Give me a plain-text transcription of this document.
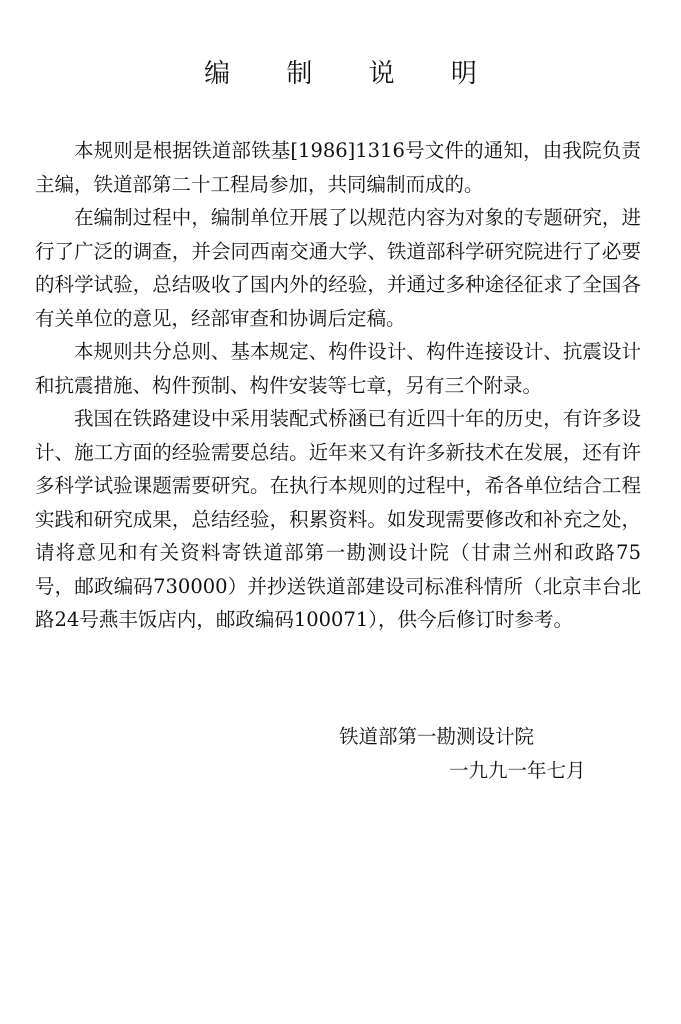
编 制 说 明

本规则是根据铁道部铁基[1986]1316号文件的通知，由我院负责主编，铁道部第二十工程局参加，共同编制而成的。

在编制过程中，编制单位开展了以规范内容为对象的专题研究，进行了广泛的调查，并会同西南交通大学、铁道部科学研究院进行了必要的科学试验，总结吸收了国内外的经验，并通过多种途径征求了全国各有关单位的意见，经部审查和协调后定稿。

本规则共分总则、基本规定、构件设计、构件连接设计、抗震设计和抗震措施、构件预制、构件安装等七章，另有三个附录。

我国在铁路建设中采用装配式桥涵已有近四十年的历史，有许多设计、施工方面的经验需要总结。近年来又有许多新技术在发展，还有许多科学试验课题需要研究。在执行本规则的过程中，希各单位结合工程实践和研究成果，总结经验，积累资料。如发现需要修改和补充之处，请将意见和有关资料寄铁道部第一勘测设计院（甘肃兰州和政路75号，邮政编码730000）并抄送铁道部建设司标准科情所（北京丰台北路24号燕丰饭店内，邮政编码100071），供今后修订时参考。

铁道部第一勘测设计院

一九九一年七月
